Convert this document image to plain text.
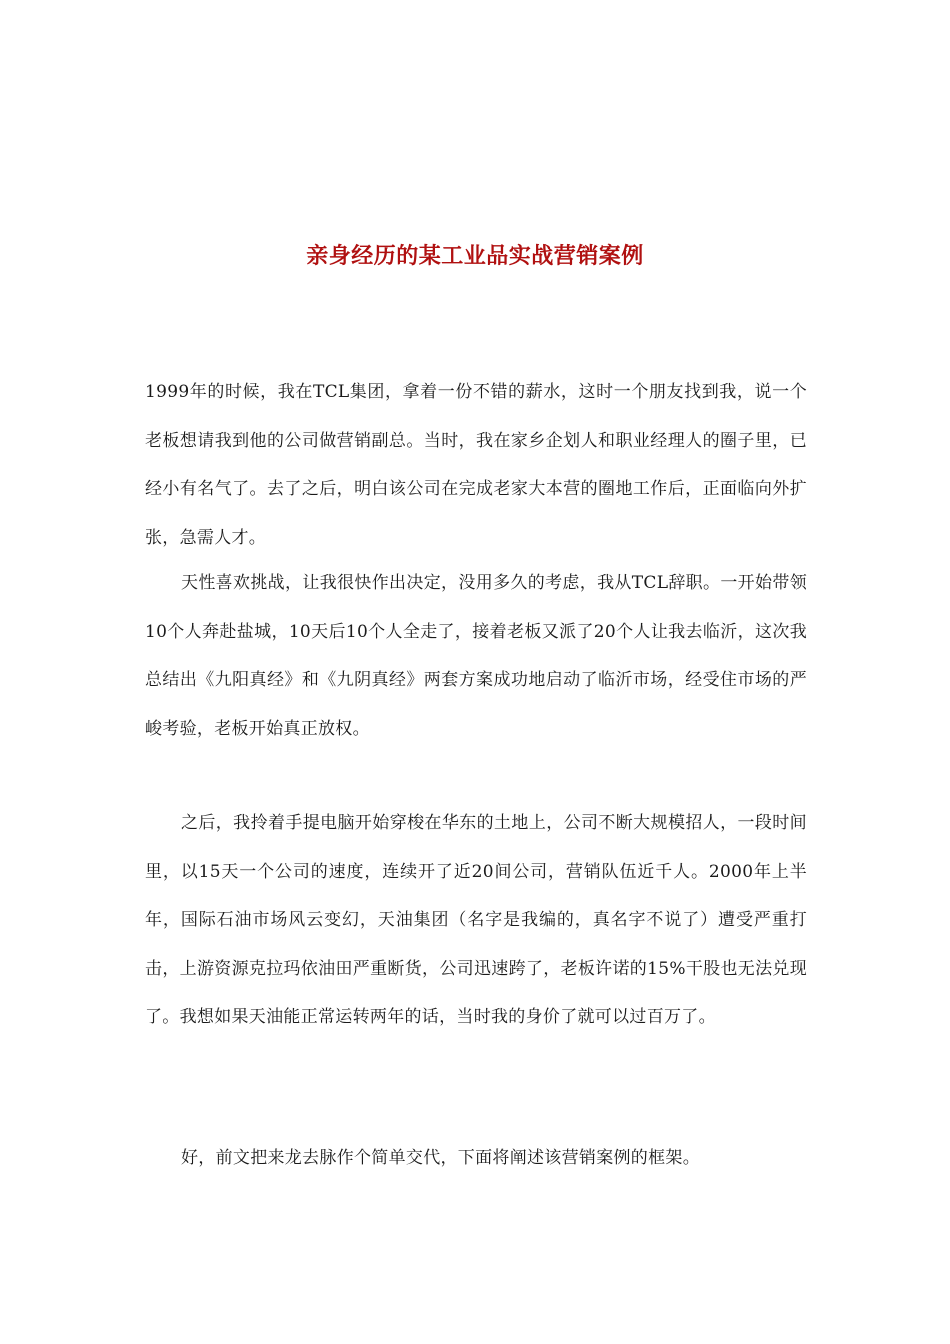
亲身经历的某工业品实战营销案例

1999年的时候，我在TCL集团，拿着一份不错的薪水，这时一个朋友找到我，说一个老板想请我到他的公司做营销副总。当时，我在家乡企划人和职业经理人的圈子里，已经小有名气了。去了之后，明白该公司在完成老家大本营的圈地工作后，正面临向外扩张，急需人才。

天性喜欢挑战，让我很快作出决定，没用多久的考虑，我从TCL辞职。一开始带领10个人奔赴盐城，10天后10个人全走了，接着老板又派了20个人让我去临沂，这次我总结出《九阳真经》和《九阴真经》两套方案成功地启动了临沂市场，经受住市场的严峻考验，老板开始真正放权。

之后，我拎着手提电脑开始穿梭在华东的土地上，公司不断大规模招人，一段时间里，以15天一个公司的速度，连续开了近20间公司，营销队伍近千人。2000年上半年，国际石油市场风云变幻，天油集团（名字是我编的，真名字不说了）遭受严重打击，上游资源克拉玛依油田严重断货，公司迅速跨了，老板许诺的15%干股也无法兑现了。我想如果天油能正常运转两年的话，当时我的身价了就可以过百万了。

好，前文把来龙去脉作个简单交代，下面将阐述该营销案例的框架。
